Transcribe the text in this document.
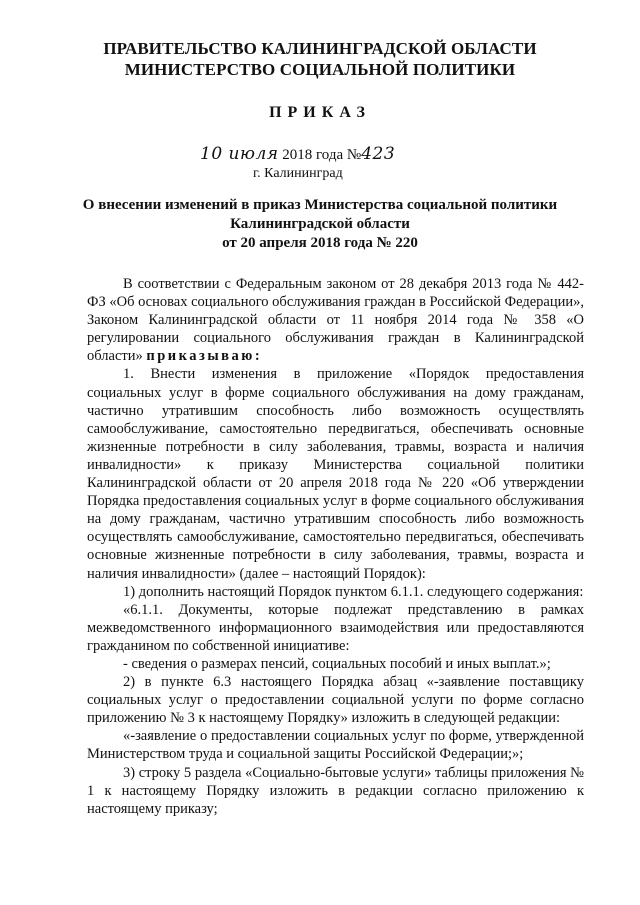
ПРАВИТЕЛЬСТВО КАЛИНИНГРАДСКОЙ ОБЛАСТИ
МИНИСТЕРСТВО СОЦИАЛЬНОЙ ПОЛИТИКИ
ПРИКАЗ
10 июля 2018 года №423
г. Калининград
О внесении изменений в приказ Министерства социальной политики
Калининградской области
от 20 апреля 2018 года № 220

В соответствии с Федеральным законом от 28 декабря 2013 года № 442-ФЗ «Об основах социального обслуживания граждан в Российской Федерации», Законом Калининградской области от 11 ноября 2014 года № 358 «О регулировании социального обслуживания граждан в Калининградской области» приказываю:

1. Внести изменения в приложение «Порядок предоставления социальных услуг в форме социального обслуживания на дому гражданам, частично утратившим способность либо возможность осуществлять самообслуживание, самостоятельно передвигаться, обеспечивать основные жизненные потребности в силу заболевания, травмы, возраста и наличия инвалидности» к приказу Министерства социальной политики Калининградской области от 20 апреля 2018 года № 220 «Об утверждении Порядка предоставления социальных услуг в форме социального обслуживания на дому гражданам, частично утратившим способность либо возможность осуществлять самообслуживание, самостоятельно передвигаться, обеспечивать основные жизненные потребности в силу заболевания, травмы, возраста и наличия инвалидности» (далее – настоящий Порядок):

1) дополнить настоящий Порядок пунктом 6.1.1. следующего содержания:

«6.1.1. Документы, которые подлежат представлению в рамках межведомственного информационного взаимодействия или предоставляются гражданином по собственной инициативе:

- сведения о размерах пенсий, социальных пособий и иных выплат.»;

2) в пункте 6.3 настоящего Порядка абзац «-заявление поставщику социальных услуг о предоставлении социальной услуги по форме согласно приложению № 3 к настоящему Порядку» изложить в следующей редакции:

«-заявление о предоставлении социальных услуг по форме, утвержденной Министерством труда и социальной защиты Российской Федерации;»;

3) строку 5 раздела «Социально-бытовые услуги» таблицы приложения № 1 к настоящему Порядку изложить в редакции согласно приложению к настоящему приказу;
